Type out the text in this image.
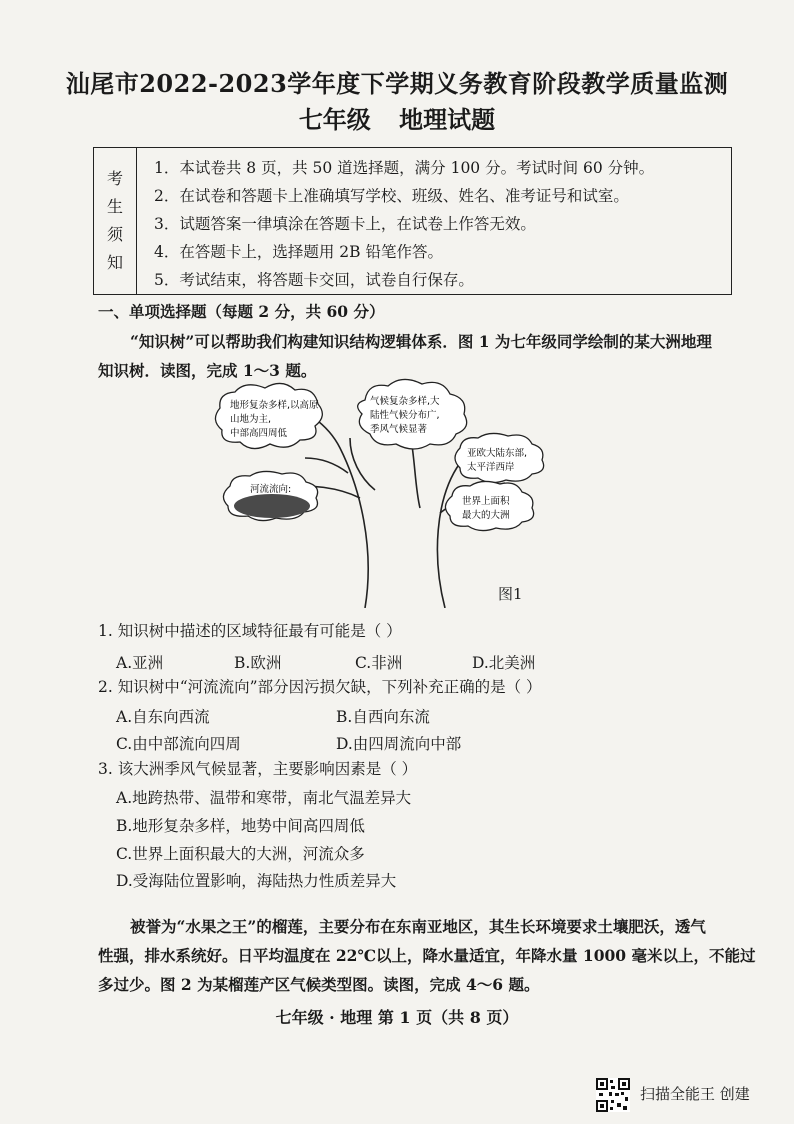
汕尾市2022-2023学年度下学期义务教育阶段教学质量监测
七年级 地理试题
考
生
须
知
1．本试卷共 8 页，共 50 道选择题，满分 100 分。考试时间 60 分钟。
2．在试卷和答题卡上准确填写学校、班级、姓名、准考证号和试室。
3．试题答案一律填涂在答题卡上，在试卷上作答无效。
4．在答题卡上，选择题用 2B 铅笔作答。
5．考试结束，将答题卡交回，试卷自行保存。
一、单项选择题（每题 2 分，共 60 分）
“知识树”可以帮助我们构建知识结构逻辑体系．图 1 为七年级同学绘制的某大洲地理
知识树．读图，完成 1～3 题。
地形复杂多样,以高原
山地为主,
中部高四周低
气候复杂多样,大
陆性气候分布广,
季风气候显著
亚欧大陆东部,
太平洋西岸
世界上面积
最大的大洲
河流流向:
图1
1. 知识树中描述的区域特征最有可能是（ ）
A.亚洲	B.欧洲	C.非洲	D.北美洲
2. 知识树中“河流流向”部分因污损欠缺，下列补充正确的是（ ）
A.自东向西流	B.自西向东流
C.由中部流向四周	D.由四周流向中部
3. 该大洲季风气候显著，主要影响因素是（ ）
A.地跨热带、温带和寒带，南北气温差异大
B.地形复杂多样，地势中间高四周低
C.世界上面积最大的大洲，河流众多
D.受海陆位置影响，海陆热力性质差异大
被誉为“水果之王”的榴莲，主要分布在东南亚地区，其生长环境要求土壤肥沃，透气
性强，排水系统好。日平均温度在 22℃以上，降水量适宜，年降水量 1000 毫米以上，不能过
多过少。图 2 为某榴莲产区气候类型图。读图，完成 4～6 题。
七年级 · 地理 第 1 页（共 8 页）
扫描全能王 创建
